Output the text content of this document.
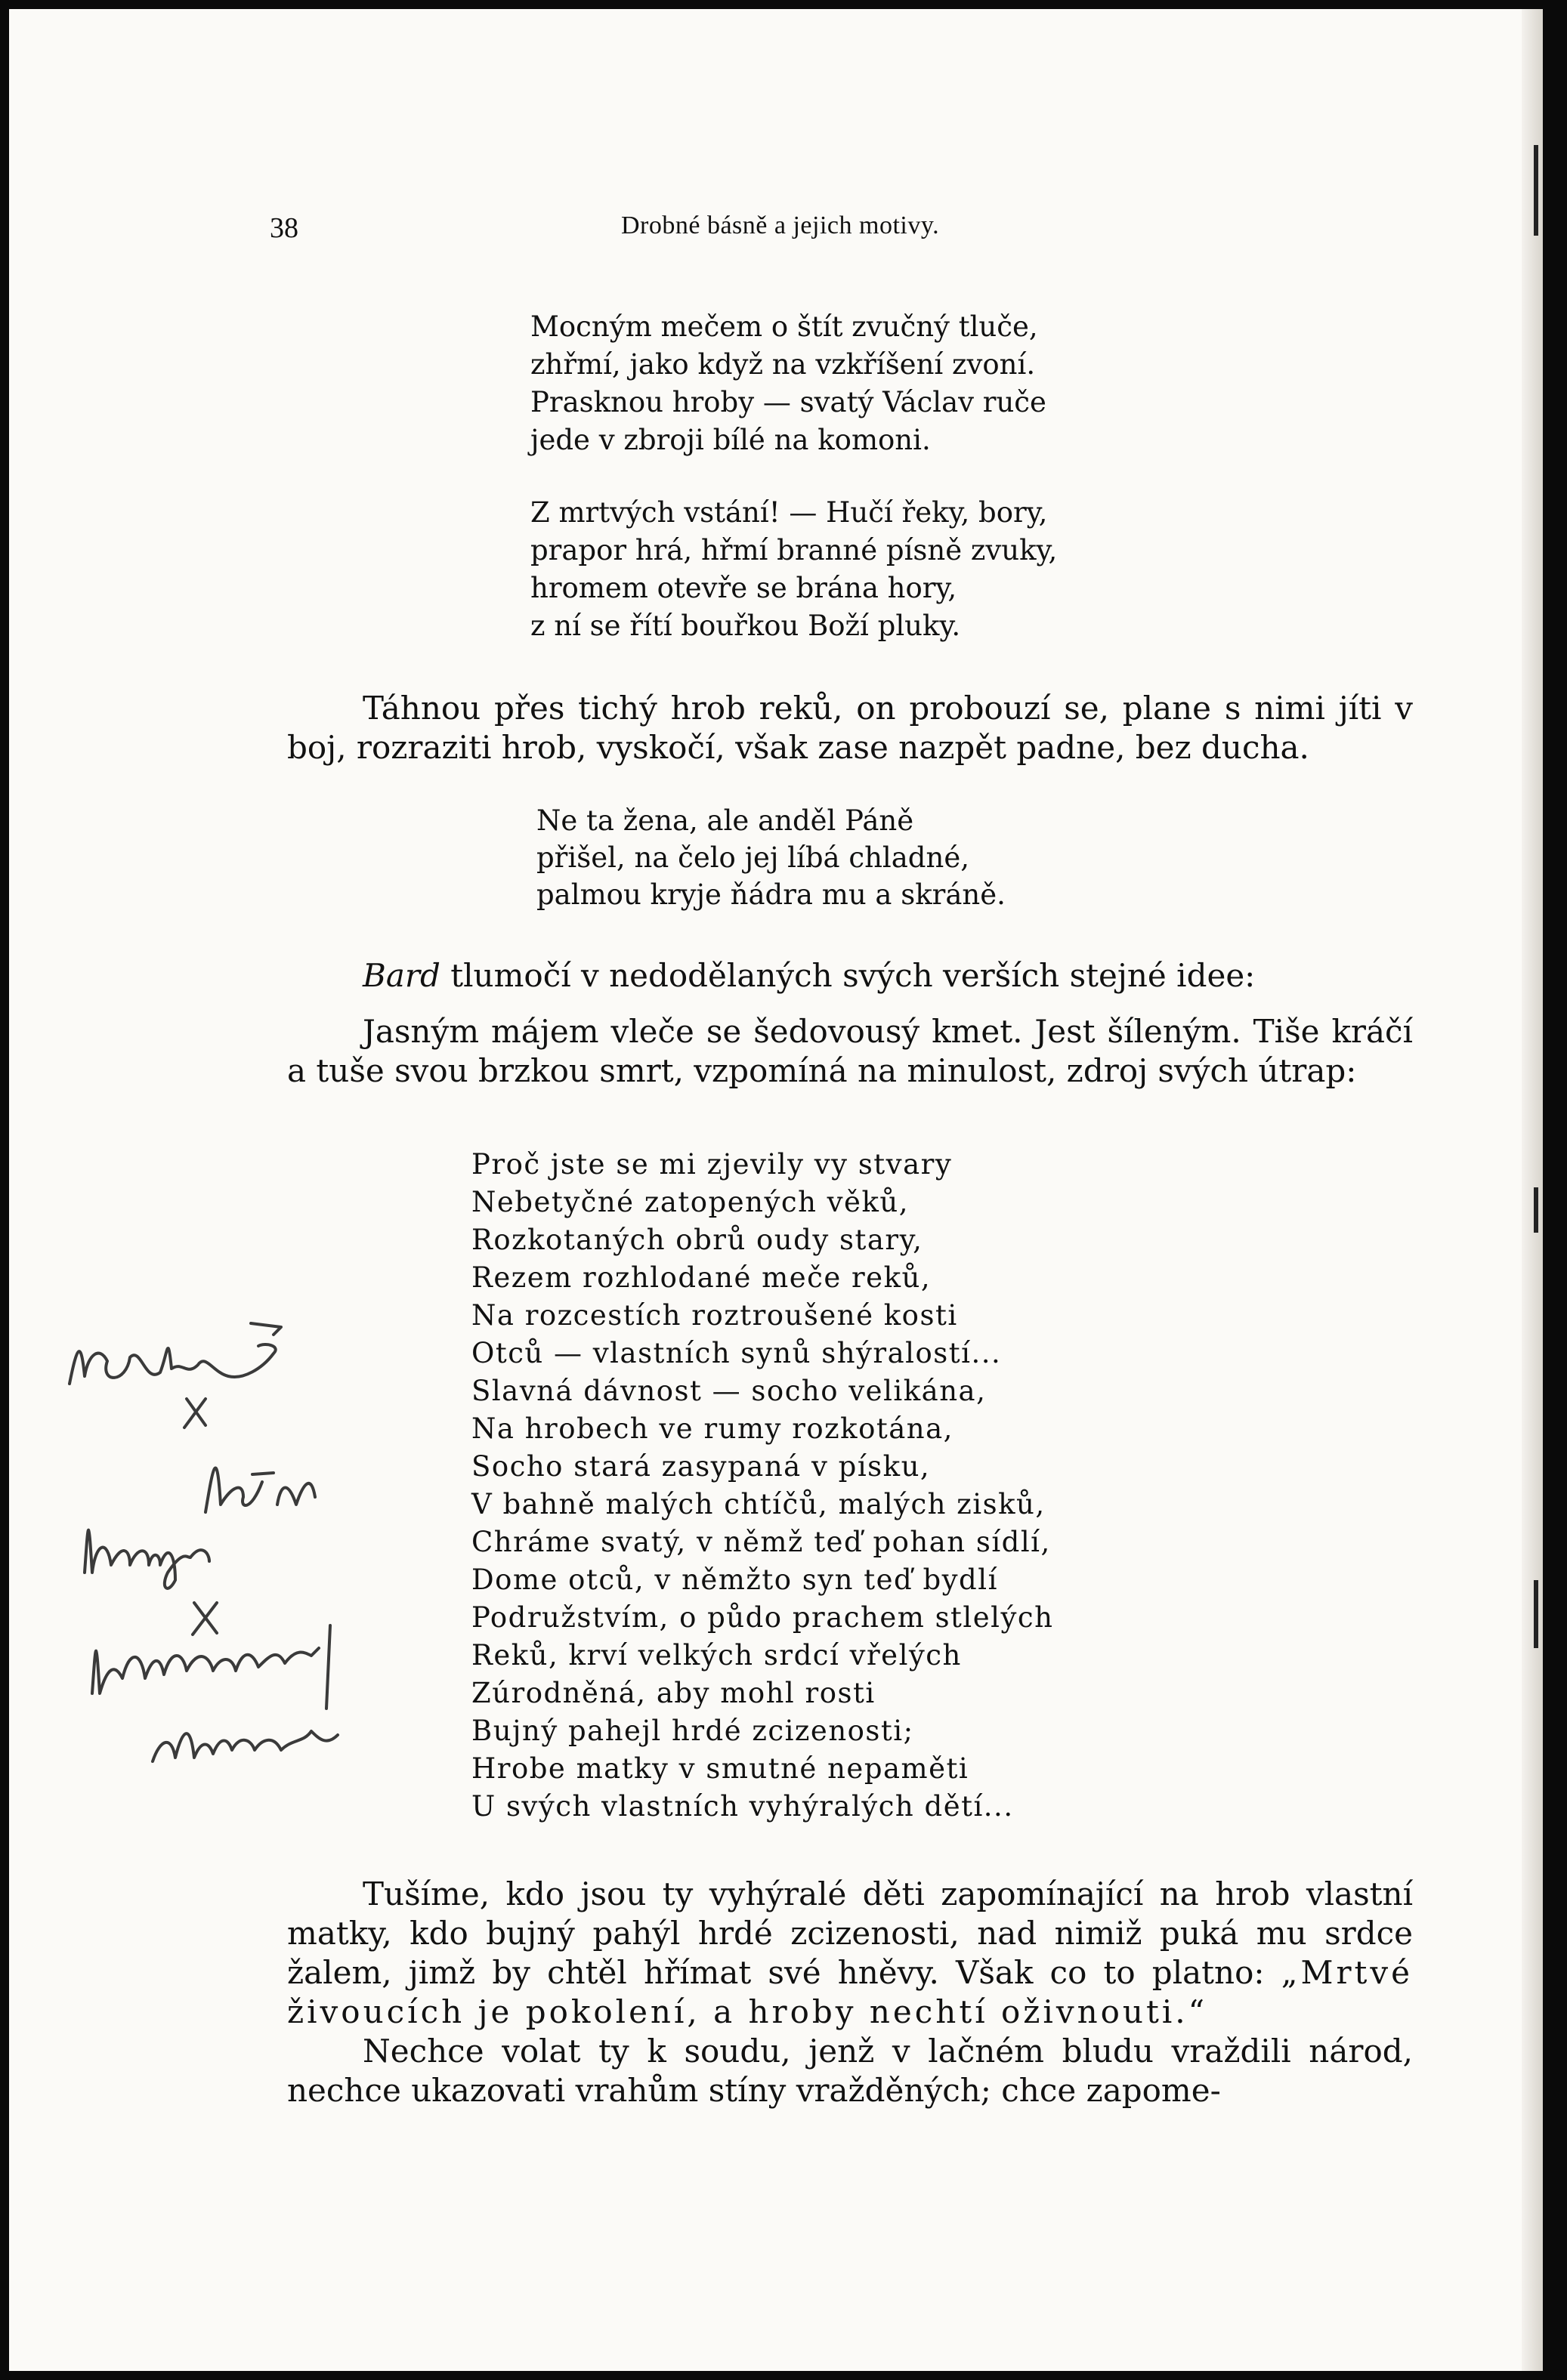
38	Drobné básně a jejich motivy.
Mocným mečem o štít zvučný tluče,
zhřmí, jako když na vzkříšení zvoní.
Prasknou hroby — svatý Václav ruče
jede v zbroji bílé na komoni.
Z mrtvých vstání! — Hučí řeky, bory,
prapor hrá, hřmí branné písně zvuky,
hromem otevře se brána hory,
z ní se řítí bouřkou Boží pluky.

Táhnou přes tichý hrob reků, on probouzí se, plane s nimi jíti v boj, rozraziti hrob, vyskočí, však zase nazpět padne, bez ducha.

Ne ta žena, ale anděl Páně
přišel, na čelo jej líbá chladné,
palmou kryje ňádra mu a skráně.

Bard tlumočí v nedodělaných svých verších stejné idee:

Jasným májem vleče se šedovousý kmet. Jest šíleným. Tiše kráčí a tuše svou brzkou smrt, vzpomíná na minulost, zdroj svých útrap:

Proč jste se mi zjevily vy stvary
Nebetyčné zatopených věků,
Rozkotaných obrů oudy stary,
Rezem rozhlodané meče reků,
Na rozcestích roztroušené kosti
Otců — vlastních synů shýralostí...
Slavná dávnost — socho velikána,
Na hrobech ve rumy rozkotána,
Socho stará zasypaná v písku,
V bahně malých chtíčů, malých zisků,
Chráme svatý, v němž teď pohan sídlí,
Dome otců, v němžto syn teď bydlí
Podružstvím, o půdo prachem stlelých
Reků, krví velkých srdcí vřelých
Zúrodněná, aby mohl rosti
Bujný pahejl hrdé zcizenosti;
Hrobe matky v smutné nepaměti
U svých vlastních vyhýralých dětí...

Tušíme, kdo jsou ty vyhýralé děti zapomínající na hrob vlastní matky, kdo bujný pahýl hrdé zcizenosti, nad nimiž puká mu srdce žalem, jimž by chtěl hřímat své hněvy. Však co to platno: „Mrtvé živoucích je pokolení, a hroby nechtí oživnouti.“

Nechce volat ty k soudu, jenž v lačném bludu vraždili národ, nechce ukazovati vrahům stíny vražděných; chce zapome-
